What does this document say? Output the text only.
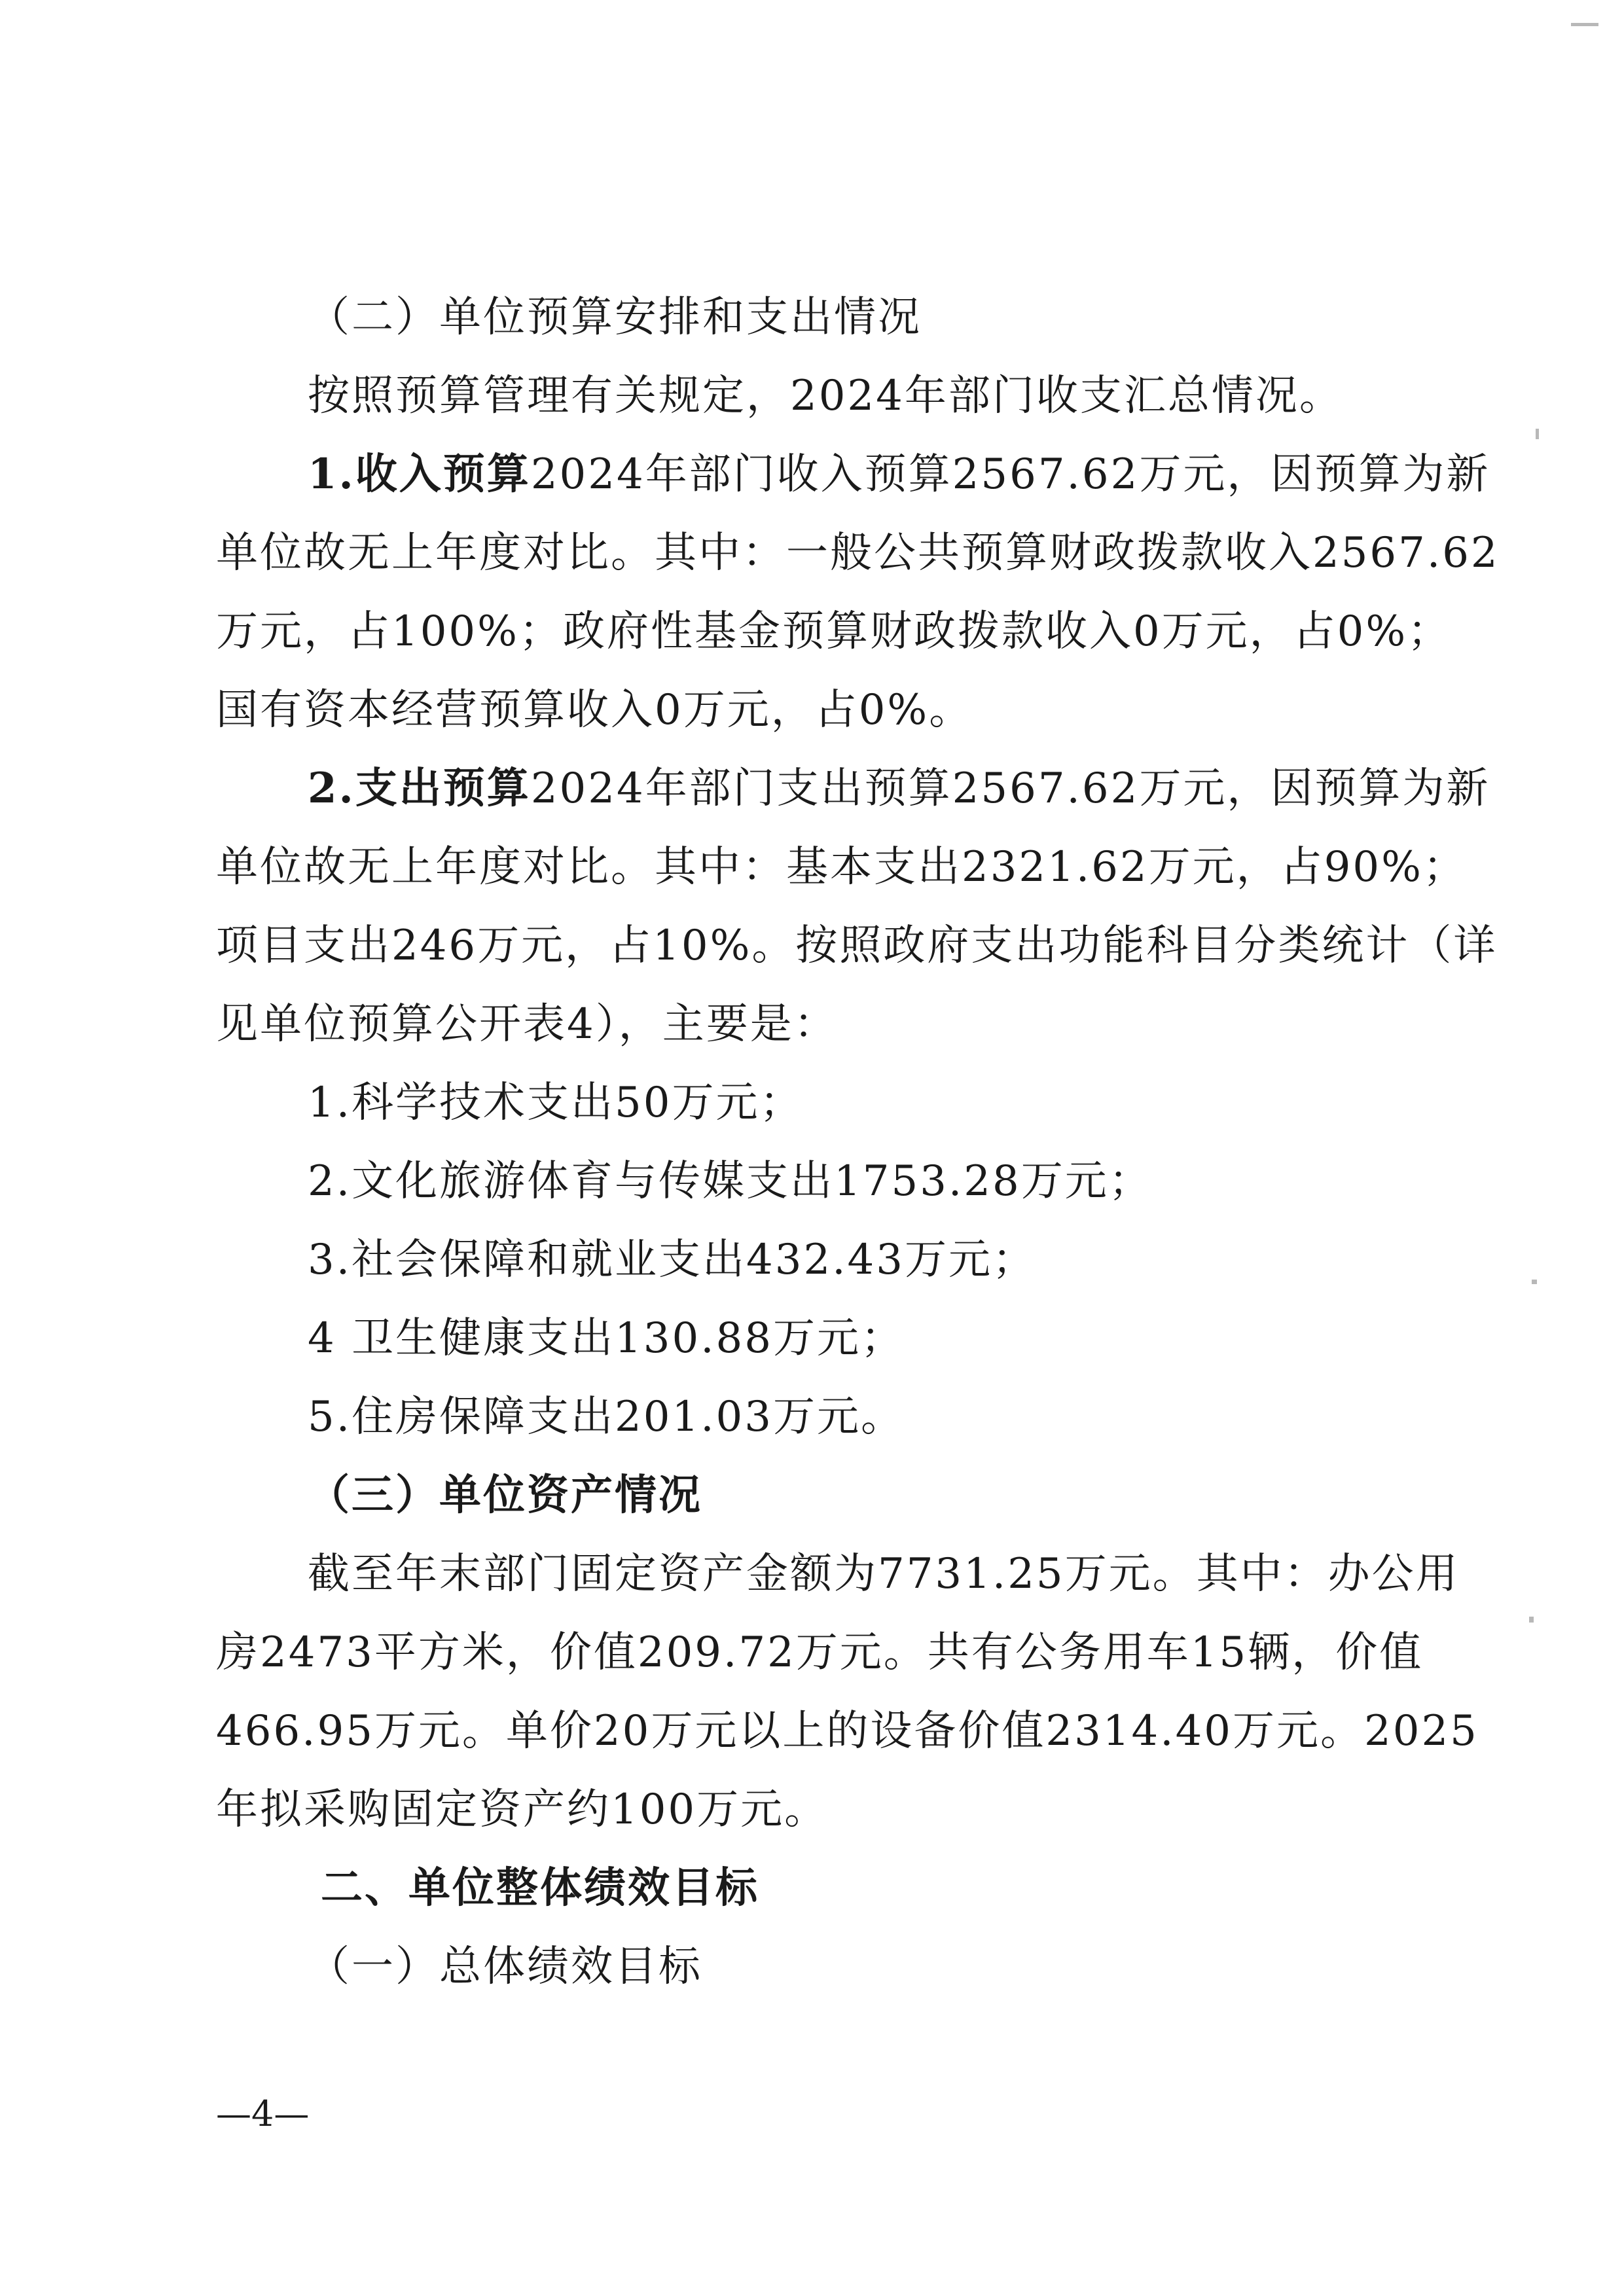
（二）单位预算安排和支出情况
按照预算管理有关规定，2024年部门收支汇总情况。
1.收入预算2024年部门收入预算2567.62万元，因预算为新
单位故无上年度对比。其中：一般公共预算财政拨款收入2567.62
万元，占100%；政府性基金预算财政拨款收入0万元，占0%；
国有资本经营预算收入0万元，占0%。
2.支出预算2024年部门支出预算2567.62万元，因预算为新
单位故无上年度对比。其中：基本支出2321.62万元，占90%；
项目支出246万元，占10%。按照政府支出功能科目分类统计（详
见单位预算公开表4），主要是：
1.科学技术支出50万元；
2.文化旅游体育与传媒支出1753.28万元；
3.社会保障和就业支出432.43万元；
4 卫生健康支出130.88万元；
5.住房保障支出201.03万元。
（三）单位资产情况
截至年末部门固定资产金额为7731.25万元。其中：办公用
房2473平方米，价值209.72万元。共有公务用车15辆，价值
466.95万元。单价20万元以上的设备价值2314.40万元。2025
年拟采购固定资产约100万元。
二、单位整体绩效目标
（一）总体绩效目标
—4—
